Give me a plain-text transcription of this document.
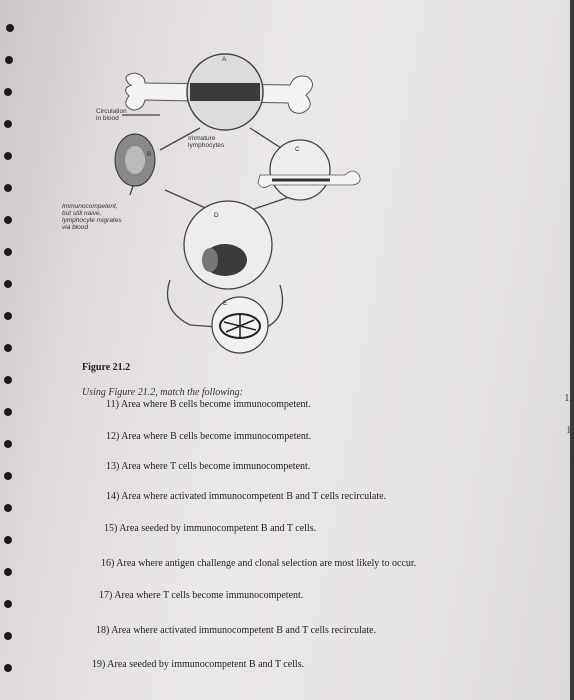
Circulation
in blood
Immature
lymphocytes
Immunocompetent,
but still naive,
lymphocyte migrates
via blood
A
B
C
D
E
Figure 21.2
Using Figure 21.2, match the following:
11) Area where B cells become immunocompetent.
12) Area where B cells become immunocompetent.
13) Area where T cells become immunocompetent.
14) Area where activated immunocompetent B and T cells recirculate.
15) Area seeded by immunocompetent B and T cells.
16) Area where antigen challenge and clonal selection are most likely to occur.
17) Area where T cells become immunocompetent.
18) Area where activated immunocompetent B and T cells recirculate.
19) Area seeded by immunocompetent B and T cells.
11
1:
1
